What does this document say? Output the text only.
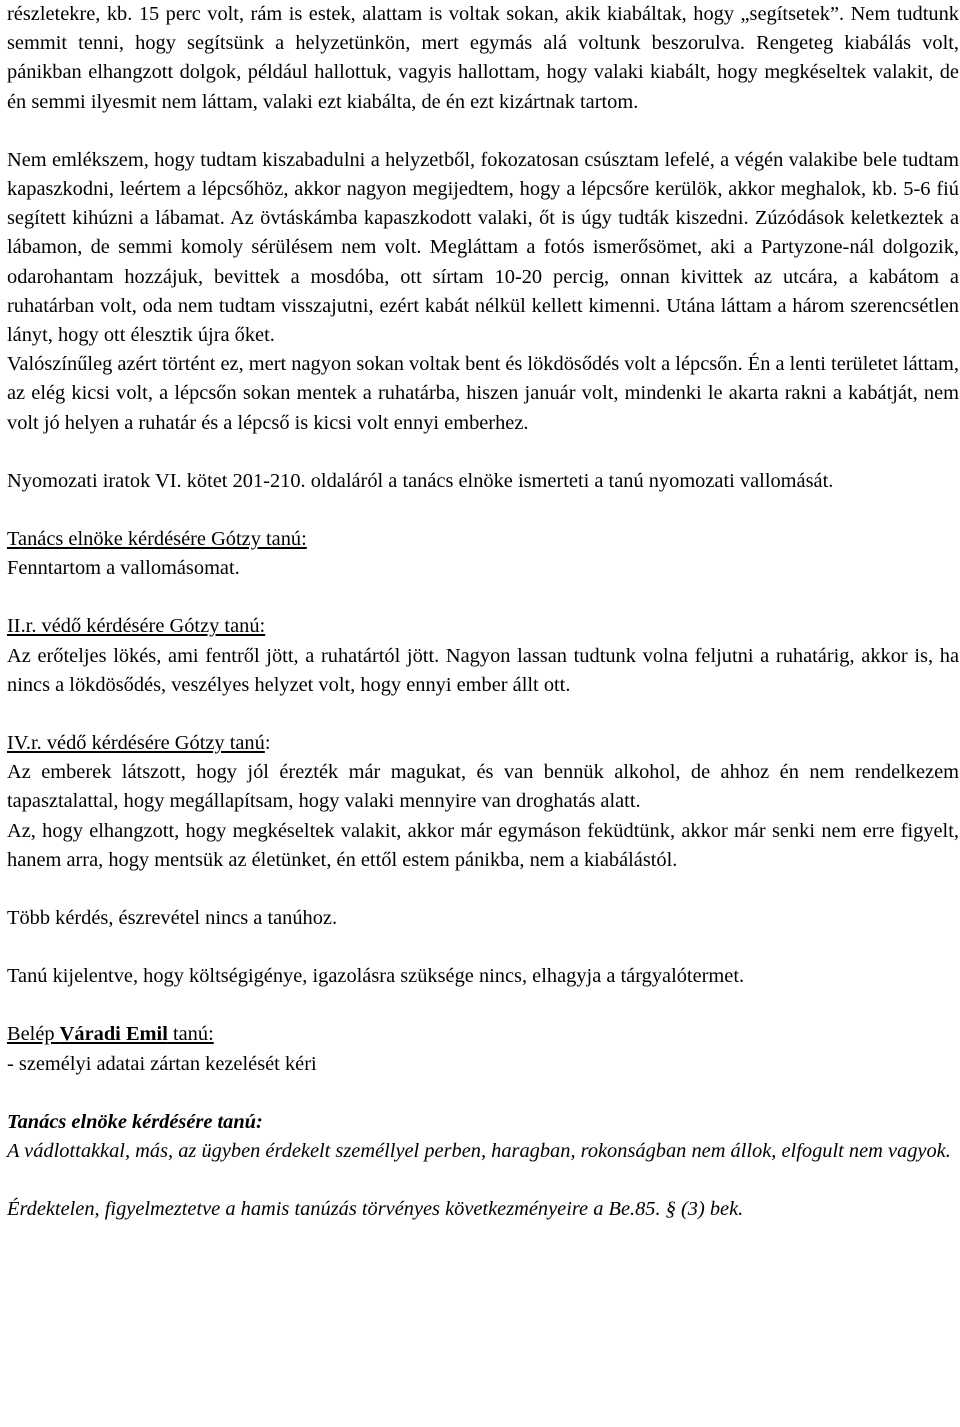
részletekre, kb. 15 perc volt, rám is estek, alattam is voltak sokan, akik kiabáltak, hogy „segítsetek”. Nem tudtunk semmit tenni, hogy segítsünk a helyzetünkön, mert egymás alá voltunk beszorulva. Rengeteg kiabálás volt, pánikban elhangzott dolgok, például hallottuk, vagyis hallottam, hogy valaki kiabált, hogy megkéseltek valakit, de én semmi ilyesmit nem láttam, valaki ezt kiabálta, de én ezt kizártnak tartom.

Nem emlékszem, hogy tudtam kiszabadulni a helyzetből, fokozatosan csúsztam lefelé, a végén valakibe bele tudtam kapaszkodni, leértem a lépcsőhöz, akkor nagyon megijedtem, hogy a lépcsőre kerülök, akkor meghalok, kb. 5-6 fiú segített kihúzni a lábamat. Az övtáskámba kapaszkodott valaki, őt is úgy tudták kiszedni. Zúzódások keletkeztek a lábamon, de semmi komoly sérülésem nem volt. Megláttam a fotós ismerősömet, aki a Partyzone-nál dolgozik, odarohantam hozzájuk, bevittek a mosdóba, ott sírtam 10-20 percig, onnan kivittek az utcára, a kabátom a ruhatárban volt, oda nem tudtam visszajutni, ezért kabát nélkül kellett kimenni. Utána láttam a három szerencsétlen lányt, hogy ott élesztik újra őket.

Valószínűleg azért történt ez, mert nagyon sokan voltak bent és lökdösődés volt a lépcsőn. Én a lenti területet láttam, az elég kicsi volt, a lépcsőn sokan mentek a ruhatárba, hiszen január volt, mindenki le akarta rakni a kabátját, nem volt jó helyen a ruhatár és a lépcső is kicsi volt ennyi emberhez.

Nyomozati iratok VI. kötet 201-210. oldaláról a tanács elnöke ismerteti a tanú nyomozati vallomását.

Tanács elnöke kérdésére Gótzy tanú:

Fenntartom a vallomásomat.

II.r. védő kérdésére Gótzy tanú:

Az erőteljes lökés, ami fentről jött, a ruhatártól jött. Nagyon lassan tudtunk volna feljutni a ruhatárig, akkor is, ha nincs a lökdösődés, veszélyes helyzet volt, hogy ennyi ember állt ott.

IV.r. védő kérdésére Gótzy tanú:

Az emberek látszott, hogy jól érezték már magukat, és van bennük alkohol, de ahhoz én nem rendelkezem tapasztalattal, hogy megállapítsam, hogy valaki mennyire van droghatás alatt.

Az, hogy elhangzott, hogy megkéseltek valakit, akkor már egymáson feküdtünk, akkor már senki nem erre figyelt, hanem arra, hogy mentsük az életünket, én ettől estem pánikba, nem a kiabálástól.

Több kérdés, észrevétel nincs a tanúhoz.

Tanú kijelentve, hogy költségigénye, igazolásra szüksége nincs, elhagyja a tárgyalótermet.

Belép Váradi Emil tanú:

- személyi adatai zártan kezelését kéri

Tanács elnöke kérdésére tanú:

A vádlottakkal, más, az ügyben érdekelt személlyel perben, haragban, rokonságban nem állok, elfogult nem vagyok.

Érdektelen, figyelmeztetve a hamis tanúzás törvényes következményeire a Be.85. § (3) bek.
